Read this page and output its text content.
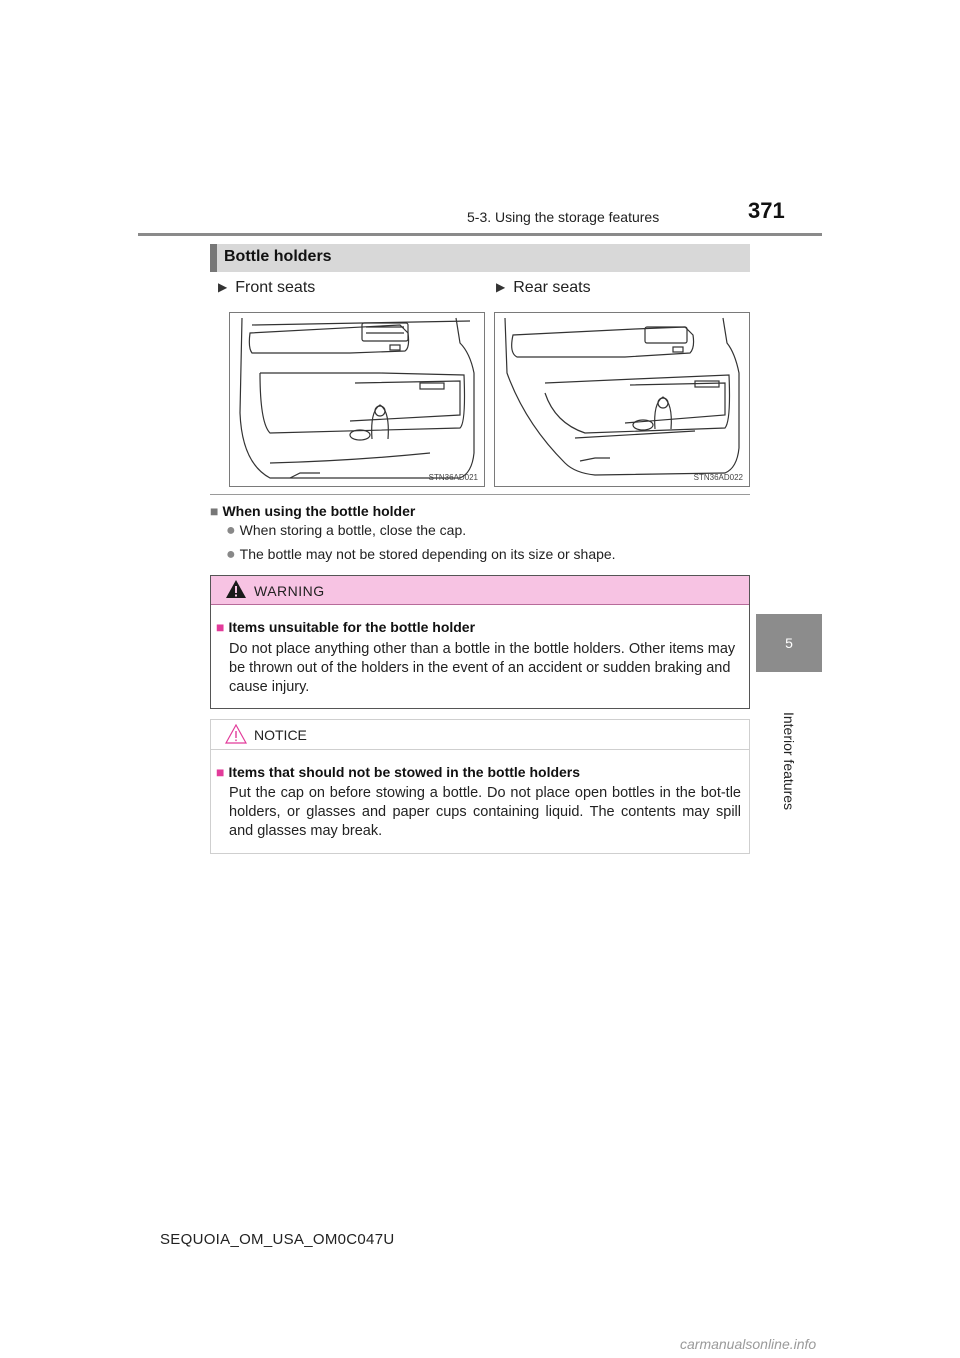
5-3. Using the storage features	371
5
Interior features
Bottle holders
▶ Front seats	▶ Rear seats
STN36AD021	STN36AD022
■ When using the bottle holder
● When storing a bottle, close the cap.
● The bottle may not be stored depending on its size or shape.
WARNING
■ Items unsuitable for the bottle holder
Do not place anything other than a bottle in the bottle holders. Other items may be thrown out of the holders in the event of an accident or sudden braking and cause injury.
NOTICE
■ Items that should not be stowed in the bottle holders
Put the cap on before stowing a bottle. Do not place open bottles in the bot-tle holders, or glasses and paper cups containing liquid. The contents may spill and glasses may break.
SEQUOIA_OM_USA_OM0C047U
carmanualsonline.info
